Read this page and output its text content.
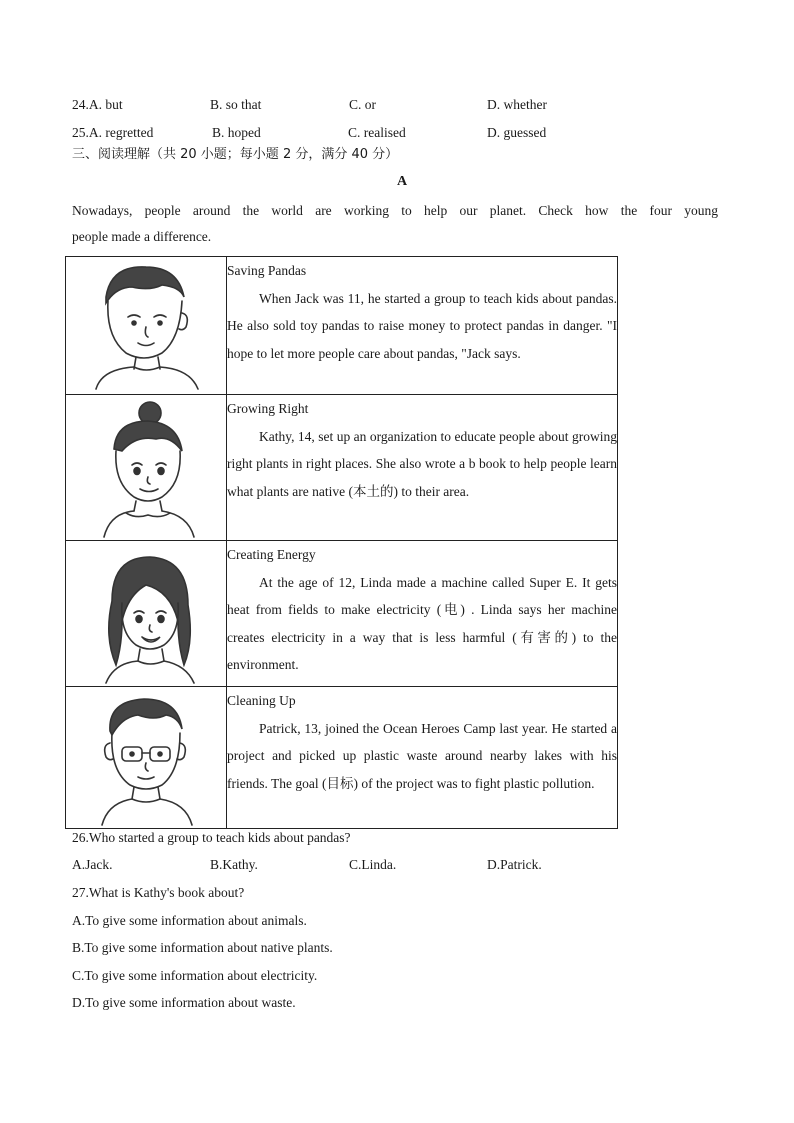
24.A. but	B. so that	C. or	D. whether
25.A. regretted	B. hoped	C. realised	D. guessed
三、阅读理解（共 20 小题；每小题 2 分，满分 40 分）
A
Nowadays, people around the world are working to help our planet. Check how the four young
people made a difference.

Saving Pandas
When Jack was 11, he started a group to teach kids about pandas. He also sold toy pandas to raise money to protect pandas in danger. "I hope to let more people care about pandas, "Jack says.

Growing Right
Kathy, 14, set up an organization to educate people about growing right plants in right places. She also wrote a b book to help people learn what plants are native (本土的) to their area.

Creating Energy
At the age of 12, Linda made a machine called Super E. It gets heat from fields to make electricity (电) . Linda says her machine creates electricity in a way that is less harmful (有害的) to the environment.

Cleaning Up
Patrick, 13, joined the Ocean Heroes Camp last year. He started a project and picked up plastic waste around nearby lakes with his friends. The goal (目标) of the project was to fight plastic pollution.
26.Who started a group to teach kids about pandas?
A.Jack.	B.Kathy.	C.Linda.	D.Patrick.
27.What is Kathy's book about?
A.To give some information about animals.
B.To give some information about native plants.
C.To give some information about electricity.
D.To give some information about waste.
